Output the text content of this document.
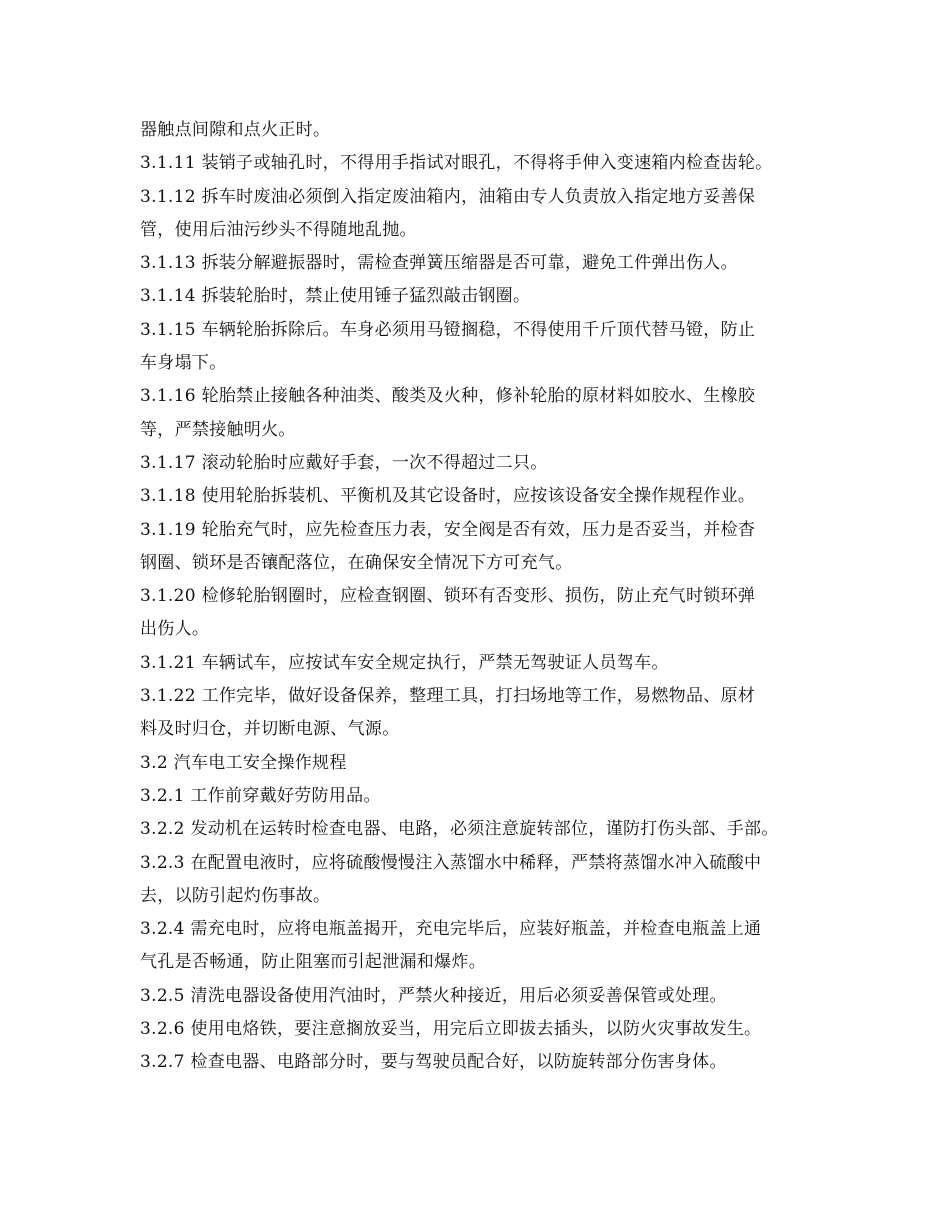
器触点间隙和点火正时。
3.1.11 装销子或轴孔时，不得用手指试对眼孔，不得将手伸入变速箱内检查齿轮。
3.1.12 拆车时废油必须倒入指定废油箱内，油箱由专人负责放入指定地方妥善保
管，使用后油污纱头不得随地乱抛。
3.1.13 拆装分解避振器时，需检查弹簧压缩器是否可靠，避免工件弹出伤人。
3.1.14 拆装轮胎时，禁止使用锤子猛烈敲击钢圈。
3.1.15 车辆轮胎拆除后。车身必须用马镫搁稳，不得使用千斤顶代替马镫，防止
车身塌下。
3.1.16 轮胎禁止接触各种油类、酸类及火种，修补轮胎的原材料如胶水、生橡胶
等，严禁接触明火。
3.1.17 滚动轮胎时应戴好手套，一次不得超过二只。
3.1.18 使用轮胎拆装机、平衡机及其它设备时，应按该设备安全操作规程作业。
3.1.19 轮胎充气时，应先检查压力表，安全阀是否有效，压力是否妥当，并检杳
钢圈、锁环是否镶配落位，在确保安全情况下方可充气。
3.1.20 检修轮胎钢圈时，应检查钢圈、锁环有否变形、损伤，防止充气时锁环弹
出伤人。
3.1.21 车辆试车，应按试车安全规定执行，严禁无驾驶证人员驾车。
3.1.22 工作完毕，做好设备保养，整理工具，打扫场地等工作，易燃物品、原材
料及时归仓，并切断电源、气源。
3.2 汽车电工安全操作规程
3.2.1 工作前穿戴好劳防用品。
3.2.2 发动机在运转时检查电器、电路，必须注意旋转部位，谨防打伤头部、手部。
3.2.3 在配置电液时，应将硫酸慢慢注入蒸馏水中稀释，严禁将蒸馏水冲入硫酸中
去，以防引起灼伤事故。
3.2.4 需充电时，应将电瓶盖揭开，充电完毕后，应装好瓶盖，并检查电瓶盖上通
气孔是否畅通，防止阻塞而引起泄漏和爆炸。
3.2.5 清洗电器设备使用汽油时，严禁火种接近，用后必须妥善保管或处理。
3.2.6 使用电烙铁，要注意搁放妥当，用完后立即拔去插头，以防火灾事故发生。
3.2.7 检查电器、电路部分时，要与驾驶员配合好，以防旋转部分伤害身体。
